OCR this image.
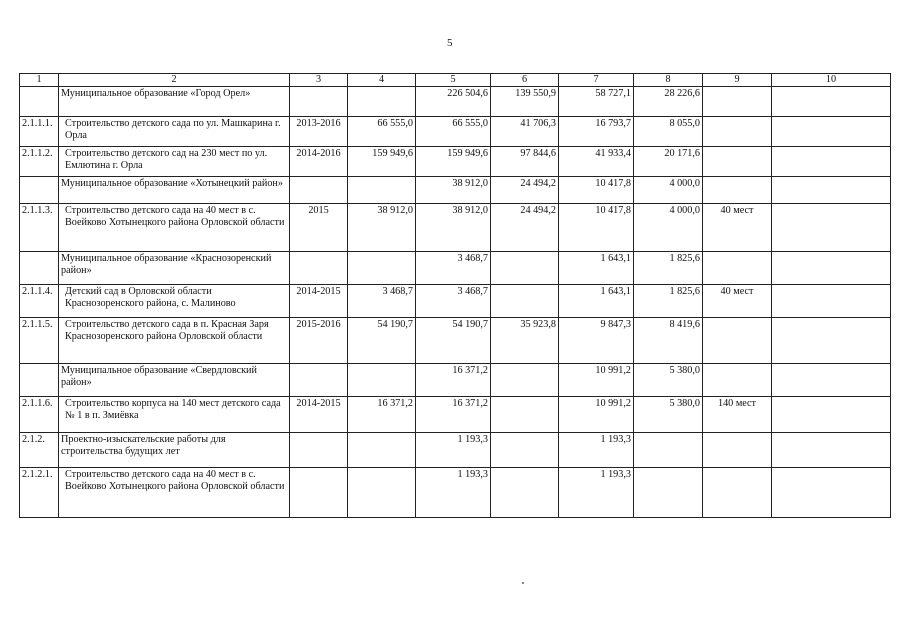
5
1	2	3	4	5	6	7	8	9	10
	Муниципальное образование «Город Орел»			226 504,6	139 550,9	58 727,1	28 226,6		
2.1.1.1.	Строительство детского сада по ул. Машкарина г. Орла	2013-2016	66 555,0	66 555,0	41 706,3	16 793,7	8 055,0		
2.1.1.2.	Строительство детского сад на 230 мест по ул. Емлютина г. Орла	2014-2016	159 949,6	159 949,6	97 844,6	41 933,4	20 171,6		
	Муниципальное образование «Хотынецкий район»			38 912,0	24 494,2	10 417,8	4 000,0		
2.1.1.3.	Строительство детского сада на 40 мест в с. Воейково Хотынецкого района Орловской области	2015	38 912,0	38 912,0	24 494,2	10 417,8	4 000,0	40 мест	
	Муниципальное образование «Краснозоренский район»			3 468,7		1 643,1	1 825,6		
2.1.1.4.	Детский сад в Орловской области Краснозоренского района, с. Малиново	2014-2015	3 468,7	3 468,7		1 643,1	1 825,6	40 мест	
2.1.1.5.	Строительство детского сада в п. Красная Заря Краснозоренского района Орловской области	2015-2016	54 190,7	54 190,7	35 923,8	9 847,3	8 419,6		
	Муниципальное образование «Свердловский район»			16 371,2		10 991,2	5 380,0		
2.1.1.6.	Строительство корпуса на 140 мест детского сада № 1 в п. Змиёвка	2014-2015	16 371,2	16 371,2		10 991,2	5 380,0	140 мест	
2.1.2.	Проектно-изыскательские работы для строительства будущих лет			1 193,3		1 193,3			
2.1.2.1.	Строительство детского сада на 40 мест в с. Воейково Хотынецкого района Орловской области			1 193,3		1 193,3			
